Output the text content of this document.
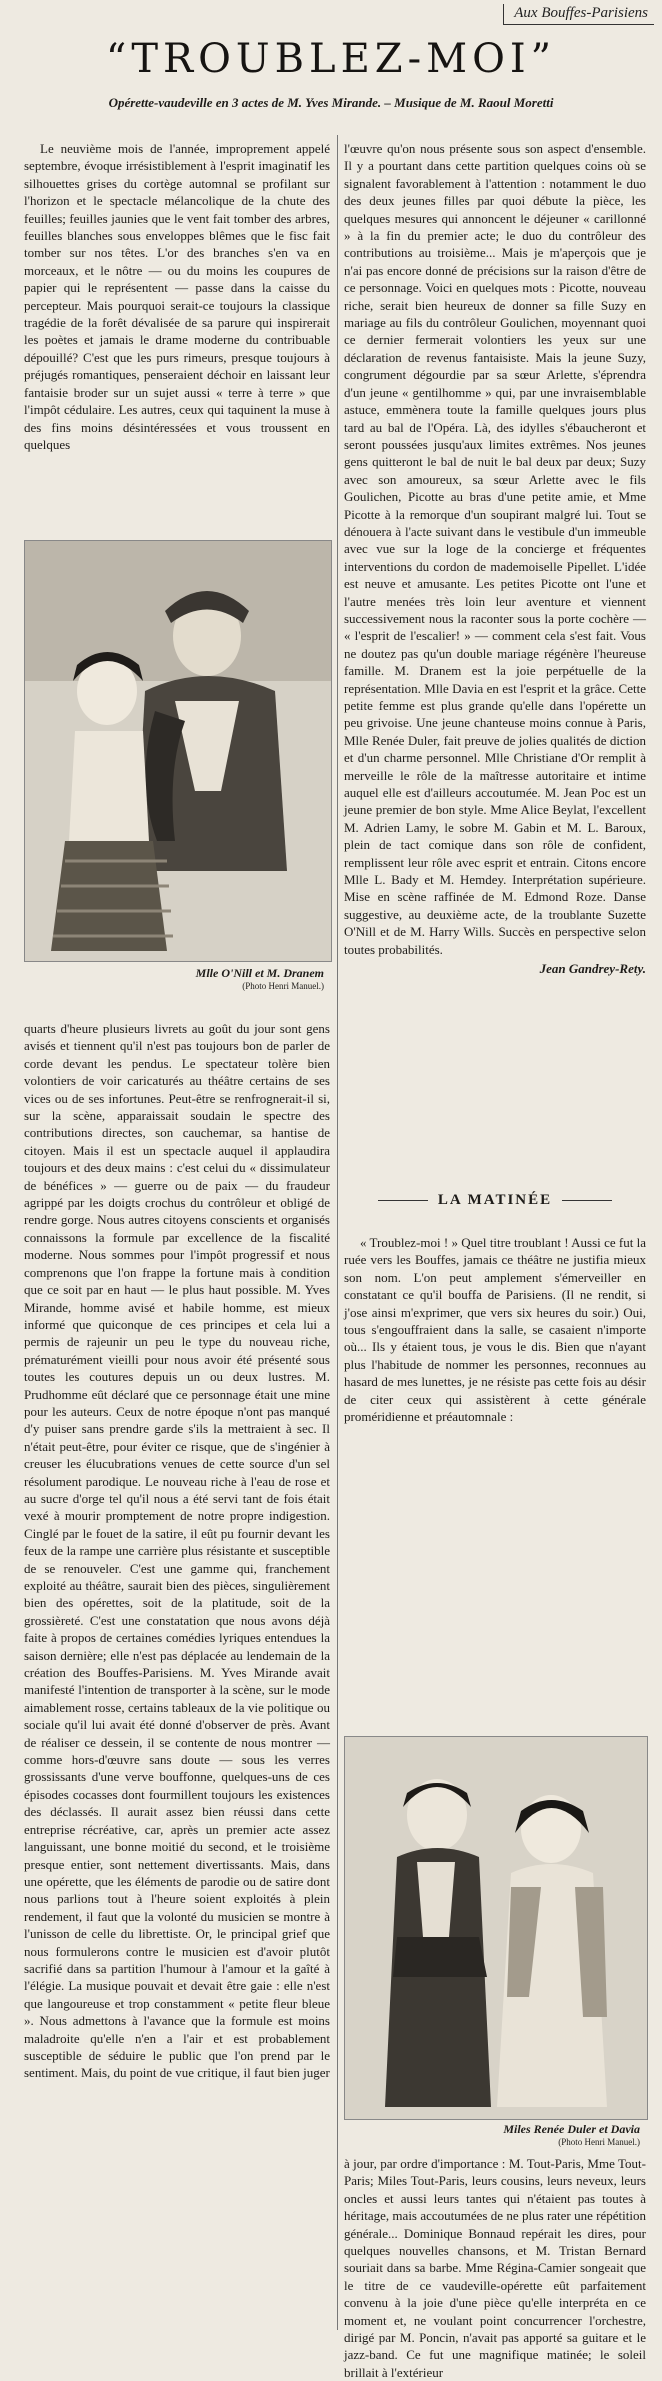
Aux Bouffes-Parisiens
“TROUBLEZ-MOI”
Opérette-vaudeville en 3 actes de M. Yves Mirande. – Musique de M. Raoul Moretti

Le neuvième mois de l'année, improprement appelé septembre, évoque irrésistiblement à l'esprit imaginatif les silhouettes grises du cortège automnal se profilant sur l'horizon et le spectacle mélancolique de la chute des feuilles; feuilles jaunies que le vent fait tomber des arbres, feuilles blanches sous enveloppes blêmes que le fisc fait tomber sur nos têtes. L'or des branches s'en va en morceaux, et le nôtre — ou du moins les coupures de papier qui le représentent — passe dans la caisse du percepteur. Mais pourquoi serait-ce toujours la classique tragédie de la forêt dévalisée de sa parure qui inspirerait les poètes et jamais le drame moderne du contribuable dépouillé? C'est que les purs rimeurs, presque toujours à préjugés romantiques, penseraient déchoir en laissant leur fantaisie broder sur un sujet aussi « terre à terre » que l'impôt cédulaire. Les autres, ceux qui taquinent la muse à des fins moins désintéressées et vous troussent en quelques

Mlle O'Nill et M. Dranem
(Photo Henri Manuel.)

quarts d'heure plusieurs livrets au goût du jour sont gens avisés et tiennent qu'il n'est pas toujours bon de parler de corde devant les pendus. Le spectateur tolère bien volontiers de voir caricaturés au théâtre certains de ses vices ou de ses infortunes. Peut-être se renfrognerait-il si, sur la scène, apparaissait soudain le spectre des contributions directes, son cauchemar, sa hantise de citoyen. Mais il est un spectacle auquel il applaudira toujours et des deux mains : c'est celui du « dissimulateur de bénéfices » — guerre ou de paix — du fraudeur agrippé par les doigts crochus du contrôleur et obligé de rendre gorge. Nous autres citoyens conscients et organisés connaissons la formule par excellence de la fiscalité moderne. Nous sommes pour l'impôt progressif et nous comprenons que l'on frappe la fortune mais à condition que ce soit par en haut — le plus haut possible. M. Yves Mirande, homme avisé et habile homme, est mieux informé que quiconque de ces principes et cela lui a permis de rajeunir un peu le type du nouveau riche, prématurément vieilli pour nous avoir été présenté sous toutes les coutures depuis un ou deux lustres. M. Prudhomme eût déclaré que ce personnage était une mine pour les auteurs. Ceux de notre époque n'ont pas manqué d'y puiser sans prendre garde s'ils la mettraient à sec. Il n'était peut-être, pour éviter ce risque, que de s'ingénier à creuser les élucubrations venues de cette source d'un sel résolument parodique. Le nouveau riche à l'eau de rose et au sucre d'orge tel qu'il nous a été servi tant de fois était vexé à mourir promptement de notre propre indigestion. Cinglé par le fouet de la satire, il eût pu fournir devant les feux de la rampe une carrière plus résistante et susceptible de se renouveler. C'est une gamme qui, franchement exploité au théâtre, saurait bien des pièces, singulièrement bien des opérettes, soit de la platitude, soit de la grossièreté. C'est une constatation que nous avons déjà faite à propos de certaines comédies lyriques entendues la saison dernière; elle n'est pas déplacée au lendemain de la création des Bouffes-Parisiens. M. Yves Mirande avait manifesté l'intention de transporter à la scène, sur le mode aimablement rosse, certains tableaux de la vie politique ou sociale qu'il lui avait été donné d'observer de près. Avant de réaliser ce dessein, il se contente de nous montrer — comme hors-d'œuvre sans doute — sous les verres grossissants d'une verve bouffonne, quelques-uns de ces épisodes cocasses dont fourmillent toujours les existences des déclassés. Il aurait assez bien réussi dans cette entreprise récréative, car, après un premier acte assez languissant, une bonne moitié du second, et le troisième presque entier, sont nettement divertissants. Mais, dans une opérette, que les éléments de parodie ou de satire dont nous parlions tout à l'heure soient exploités à plein rendement, il faut que la volonté du musicien se montre à l'unisson de celle du librettiste. Or, le principal grief que nous formulerons contre le musicien est d'avoir plutôt sacrifié dans sa partition l'humour à l'amour et la gaîté à l'élégie. La musique pouvait et devait être gaie : elle n'est que langoureuse et trop constamment « petite fleur bleue ». Nous admettons à l'avance que la formule est moins maladroite qu'elle n'en a l'air et est probablement susceptible de séduire le public que l'on prend par le sentiment. Mais, du point de vue critique, il faut bien juger

l'œuvre qu'on nous présente sous son aspect d'ensemble. Il y a pourtant dans cette partition quelques coins où se signalent favorablement à l'attention : notamment le duo des deux jeunes filles par quoi débute la pièce, les quelques mesures qui annoncent le déjeuner « carillonné » à la fin du premier acte; le duo du contrôleur des contributions au troisième... Mais je m'aperçois que je n'ai pas encore donné de précisions sur la raison d'être de ce personnage. Voici en quelques mots : Picotte, nouveau riche, serait bien heureux de donner sa fille Suzy en mariage au fils du contrôleur Goulichen, moyennant quoi ce dernier fermerait volontiers les yeux sur une déclaration de revenus fantaisiste. Mais la jeune Suzy, congrument dégourdie par sa sœur Arlette, s'éprendra d'un jeune « gentilhomme » qui, par une invraisemblable astuce, emmènera toute la famille quelques jours plus tard au bal de l'Opéra. Là, des idylles s'ébaucheront et seront poussées jusqu'aux limites extrêmes. Nos jeunes gens quitteront le bal de nuit le bal deux par deux; Suzy avec son amoureux, sa sœur Arlette avec le fils Goulichen, Picotte au bras d'une petite amie, et Mme Picotte à la remorque d'un soupirant malgré lui. Tout se dénouera à l'acte suivant dans le vestibule d'un immeuble avec vue sur la loge de la concierge et fréquentes interventions du cordon de mademoiselle Pipellet. L'idée est neuve et amusante. Les petites Picotte ont l'une et l'autre menées très loin leur aventure et viennent successivement nous la raconter sous la porte cochère — « l'esprit de l'escalier! » — comment cela s'est fait. Vous ne doutez pas qu'un double mariage régénère l'heureuse famille. M. Dranem est la joie perpétuelle de la représentation. Mlle Davia en est l'esprit et la grâce. Cette petite femme est plus grande qu'elle dans l'opérette un peu grivoise. Une jeune chanteuse moins connue à Paris, Mlle Renée Duler, fait preuve de jolies qualités de diction et d'un charme personnel. Mlle Christiane d'Or remplit à merveille le rôle de la maîtresse autoritaire et intime auquel elle est d'ailleurs accoutumée. M. Jean Poc est un jeune premier de bon style. Mme Alice Beylat, l'excellent M. Adrien Lamy, le sobre M. Gabin et M. L. Baroux, plein de tact comique dans son rôle de confident, remplissent leur rôle avec esprit et entrain. Citons encore Mlle L. Bady et M. Hemdey. Interprétation supérieure. Mise en scène raffinée de M. Edmond Roze. Danse suggestive, au deuxième acte, de la troublante Suzette O'Nill et de M. Harry Wills. Succès en perspective selon toutes probabilités.

Jean Gandrey-Rety.

LA MATINÉE

« Troublez-moi ! » Quel titre troublant ! Aussi ce fut la ruée vers les Bouffes, jamais ce théâtre ne justifia mieux son nom. L'on peut amplement s'émerveiller en constatant ce qu'il bouffa de Parisiens. (Il ne rendit, si j'ose ainsi m'exprimer, que vers six heures du soir.) Oui, tous s'engouffraient dans la salle, se casaient n'importe où... Ils y étaient tous, je vous le dis. Bien que n'ayant plus l'habitude de nommer les personnes, reconnues au hasard de mes lunettes, je ne résiste pas cette fois au désir de citer ceux qui assistèrent à cette générale proméridienne et préautomnale :

Miles Renée Duler et Davia
(Photo Henri Manuel.)

à jour, par ordre d'importance : M. Tout-Paris, Mme Tout-Paris; Miles Tout-Paris, leurs cousins, leurs neveux, leurs oncles et aussi leurs tantes qui n'étaient pas toutes à héritage, mais accoutumées de ne plus rater une répétition générale... Dominique Bonnaud repérait les dires, pour quelques nouvelles chansons, et M. Tristan Bernard souriait dans sa barbe. Mme Régina-Camier songeait que le titre de ce vaudeville-opérette eût parfaitement convenu à la joie d'une pièce qu'elle interpréta en ce moment et, ne voulant point concurrencer l'orchestre, dirigé par M. Poncin, n'avait pas apporté sa guitare et le jazz-band. Ce fut une magnifique matinée; le soleil brillait à l'extérieur
